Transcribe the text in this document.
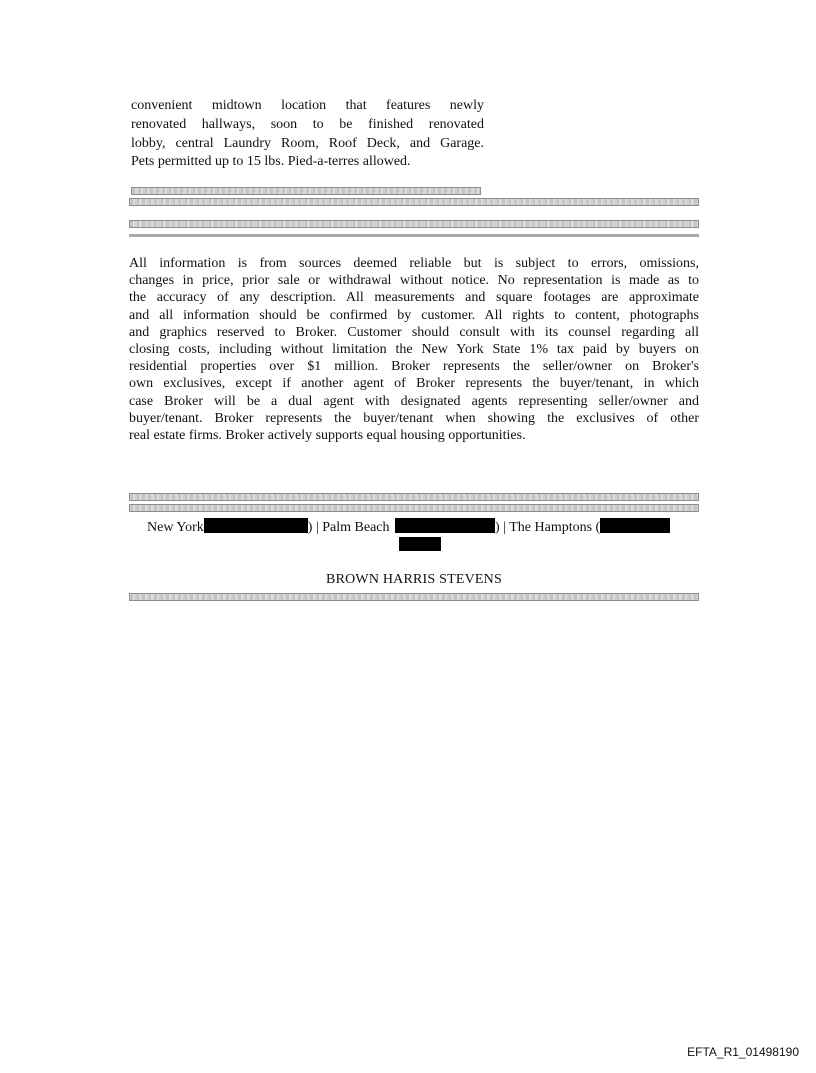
convenient midtown location that features newly
renovated hallways, soon to be finished renovated
lobby, central Laundry Room, Roof Deck, and Garage.
Pets permitted up to 15 lbs. Pied-a-terres allowed.
All information is from sources deemed reliable but is subject to errors, omissions,
changes in price, prior sale or withdrawal without notice. No representation is made as to
the accuracy of any description. All measurements and square footages are approximate
and all information should be confirmed by customer. All rights to content, photographs
and graphics reserved to Broker. Customer should consult with its counsel regarding all
closing costs, including without limitation the New York State 1% tax paid by buyers on
residential properties over $1 million. Broker represents the seller/owner on Broker's
own exclusives, except if another agent of Broker represents the buyer/tenant, in which
case Broker will be a dual agent with designated agents representing seller/owner and
buyer/tenant. Broker represents the buyer/tenant when showing the exclusives of other
real estate firms. Broker actively supports equal housing opportunities.
New York	) | Palm Beach	) | The Hamptons (
BROWN HARRIS STEVENS
EFTA_R1_01498190
